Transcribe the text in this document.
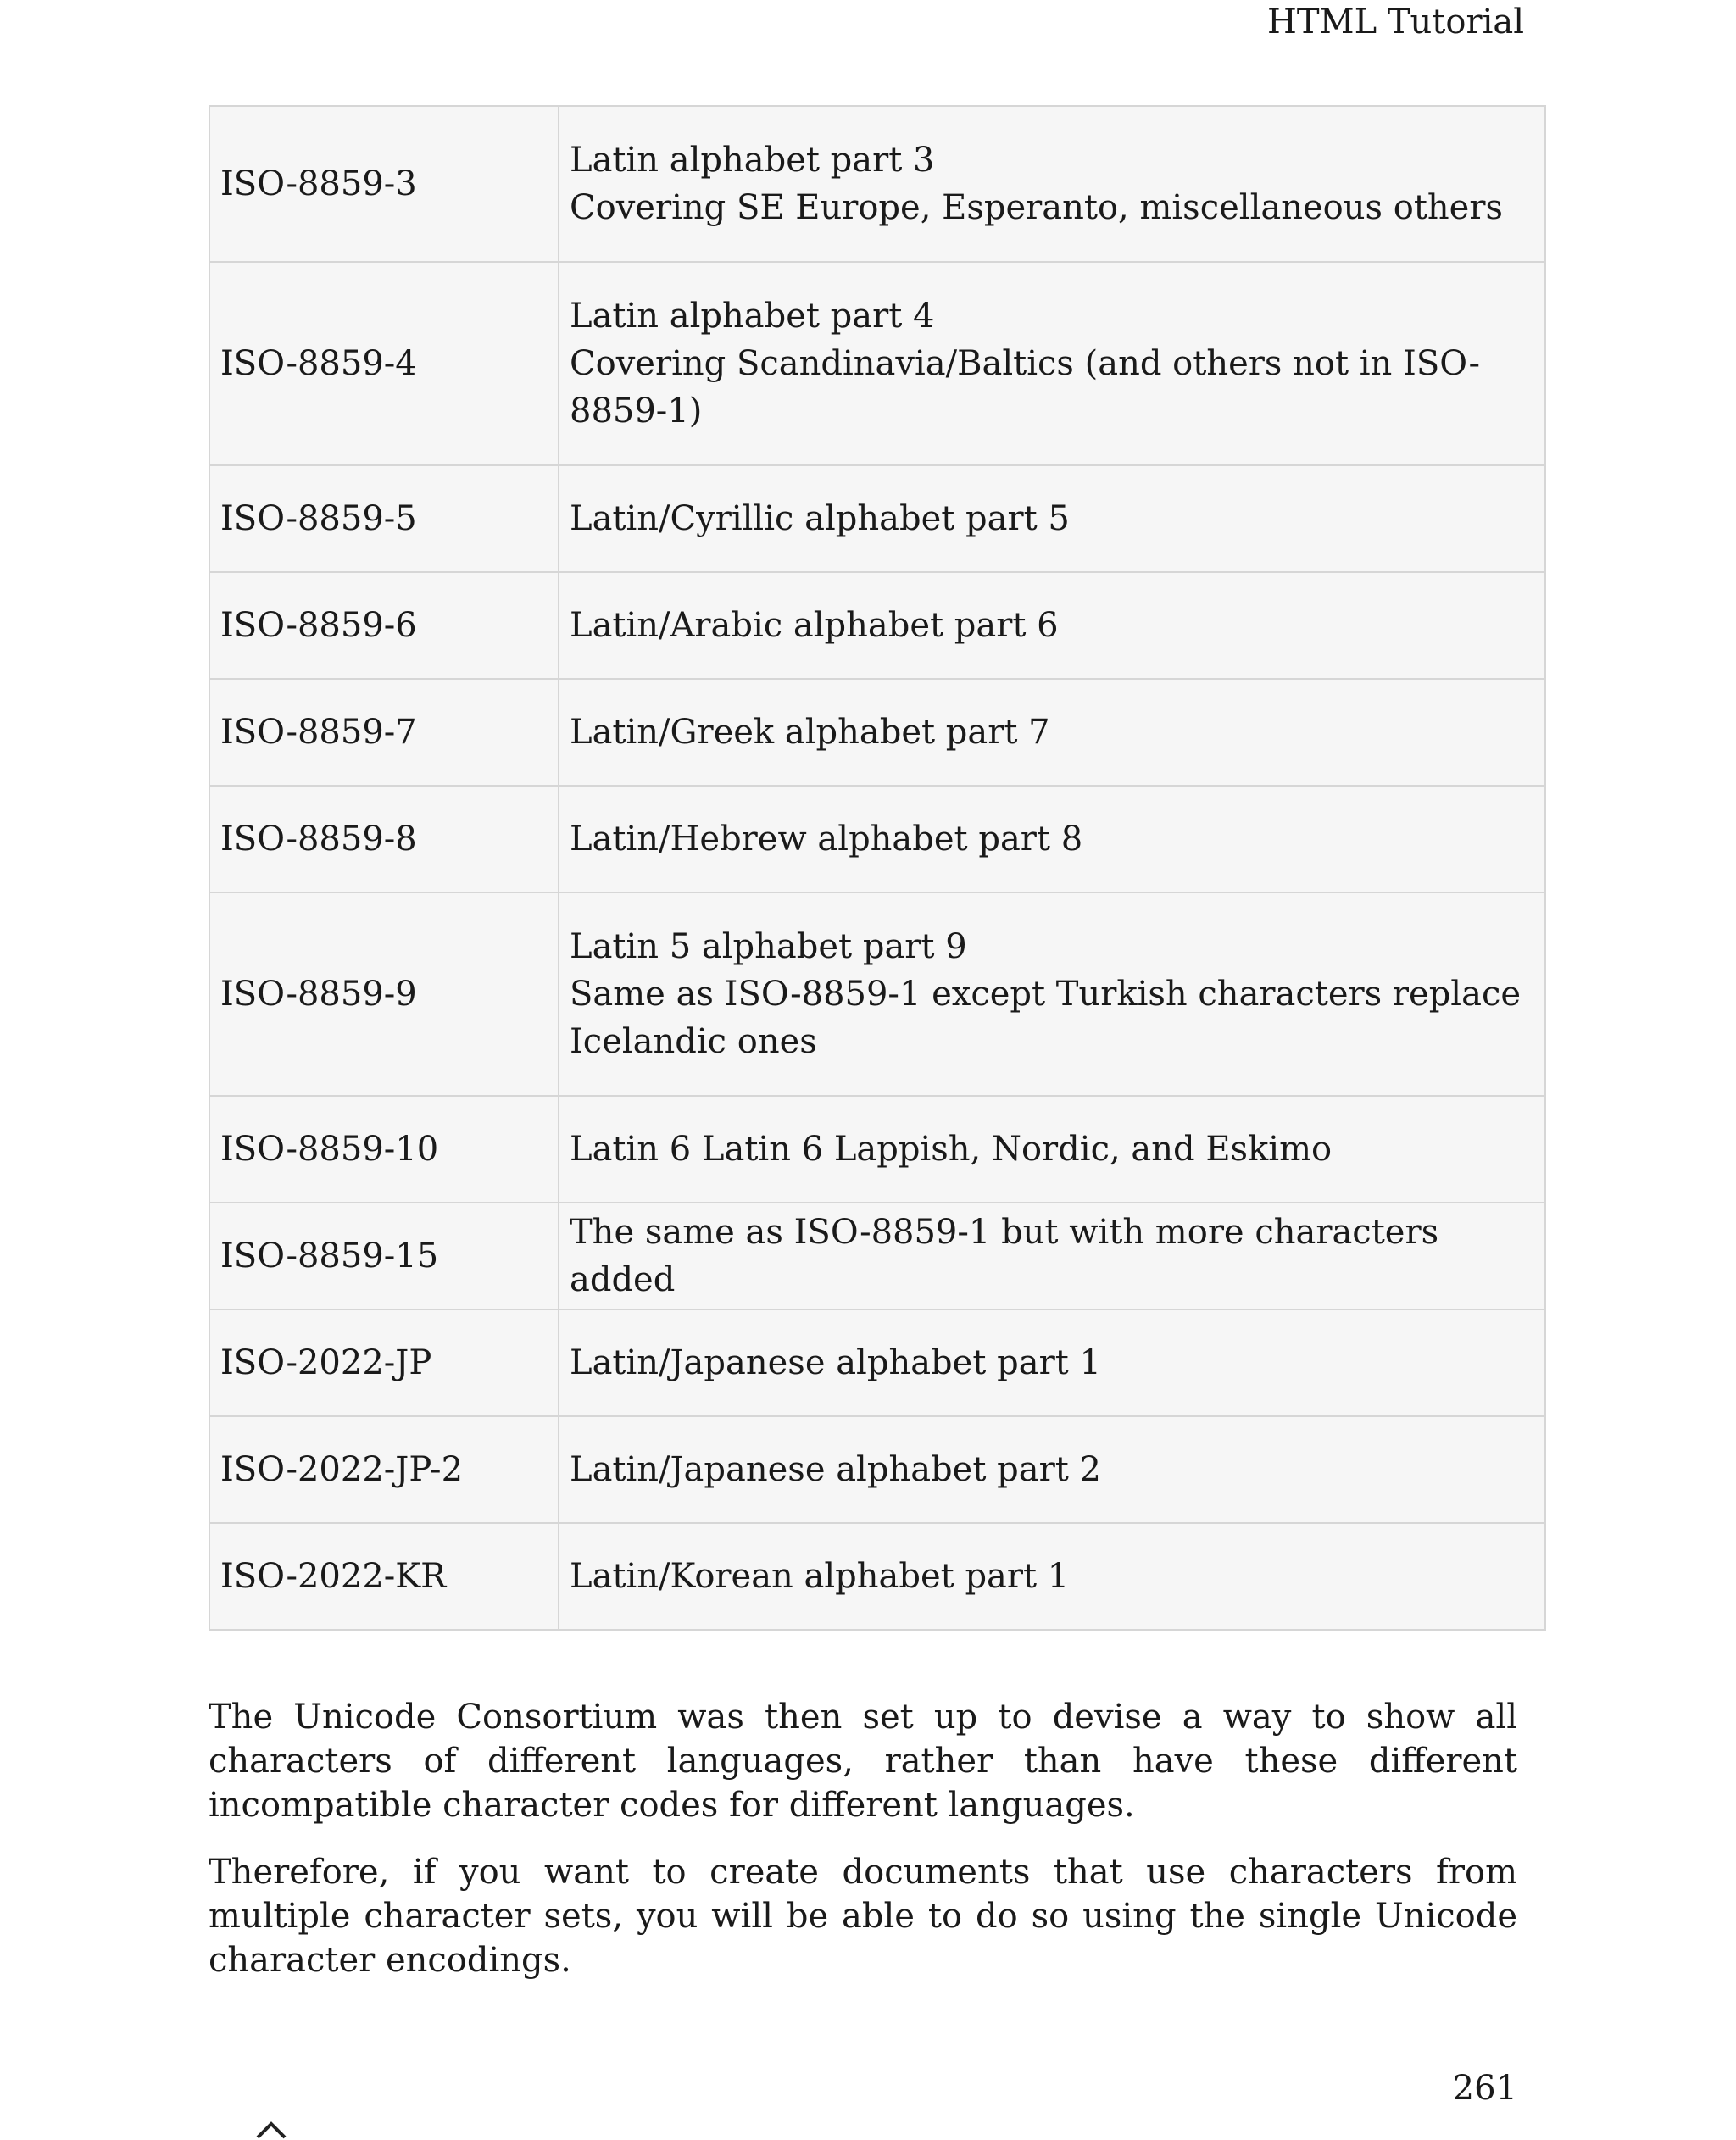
HTML Tutorial
ISO-8859-3	Latin alphabet part 3
Covering SE Europe, Esperanto, miscellaneous others

ISO-8859-4	Latin alphabet part 4
Covering Scandinavia/Baltics (and others not in ISO-8859-1)

ISO-8859-5	Latin/Cyrillic alphabet part 5

ISO-8859-6	Latin/Arabic alphabet part 6

ISO-8859-7	Latin/Greek alphabet part 7

ISO-8859-8	Latin/Hebrew alphabet part 8

ISO-8859-9	Latin 5 alphabet part 9
Same as ISO-8859-1 except Turkish characters replace Icelandic ones

ISO-8859-10	Latin 6 Latin 6 Lappish, Nordic, and Eskimo

ISO-8859-15	The same as ISO-8859-1 but with more characters added

ISO-2022-JP	Latin/Japanese alphabet part 1

ISO-2022-JP-2	Latin/Japanese alphabet part 2

ISO-2022-KR	Latin/Korean alphabet part 1

The Unicode Consortium was then set up to devise a way to show all characters of different languages, rather than have these different incompatible character codes for different languages.

Therefore, if you want to create documents that use characters from multiple character sets, you will be able to do so using the single Unicode character encodings.

261
